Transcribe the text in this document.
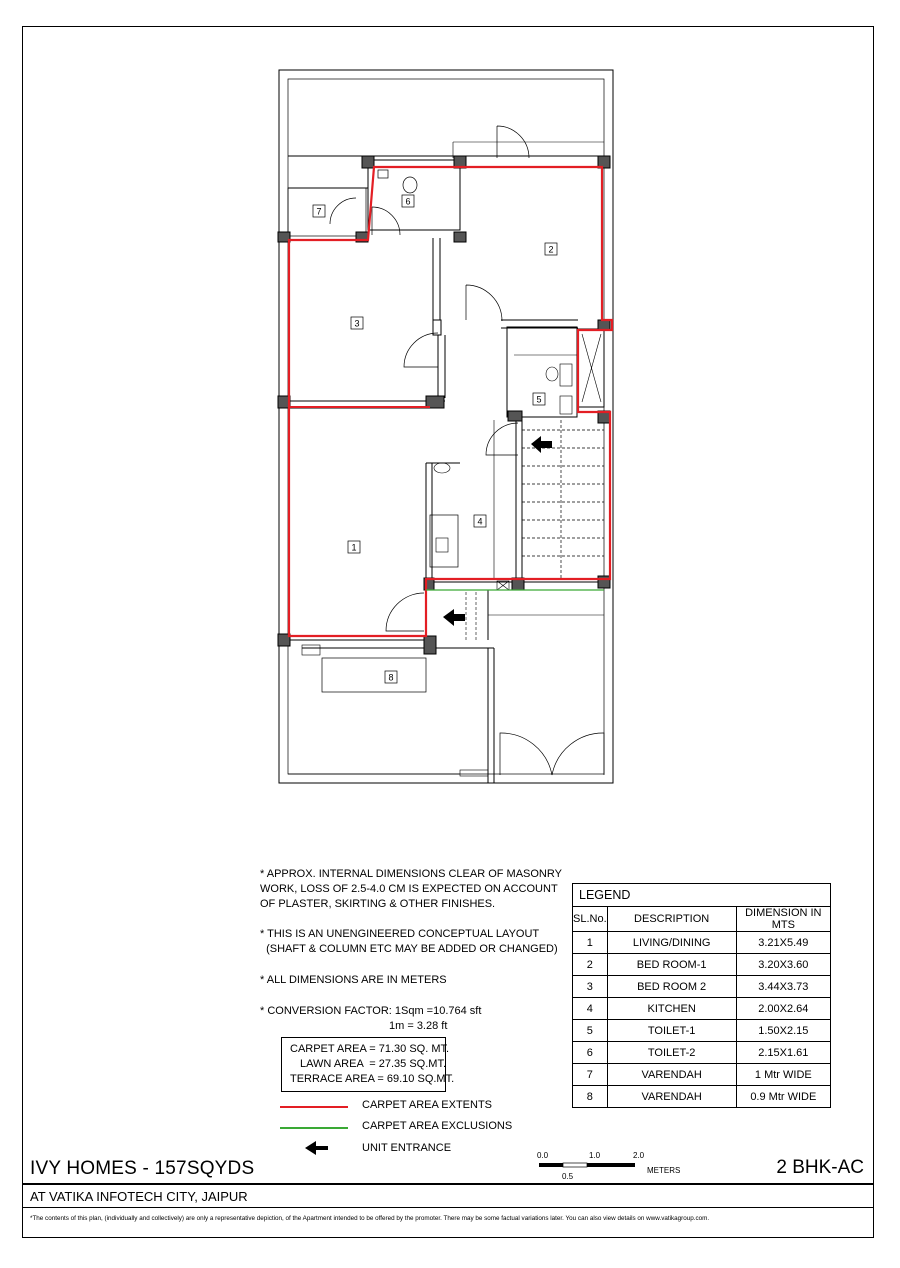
7
6
2
3
5
4
1
8
* APPROX. INTERNAL DIMENSIONS CLEAR OF MASONRY
WORK, LOSS OF 2.5-4.0 CM IS EXPECTED ON ACCOUNT
OF PLASTER, SKIRTING & OTHER FINISHES.
* THIS IS AN UNENGINEERED CONCEPTUAL LAYOUT
(SHAFT & COLUMN ETC MAY BE ADDED OR CHANGED)
* ALL DIMENSIONS ARE IN METERS
* CONVERSION FACTOR: 1Sqm =10.764 sft
1m = 3.28 ft
CARPET AREA = 71.30 SQ. MT.
LAWN AREA  = 27.35 SQ.MT.
TERRACE AREA = 69.10 SQ.MT.
CARPET AREA EXTENTS
CARPET AREA EXCLUSIONS
UNIT ENTRANCE
LEGEND		
SL.No.	DESCRIPTION	DIMENSION IN MTS
1	LIVING/DINING	3.21X5.49
2	BED ROOM-1	3.20X3.60
3	BED ROOM 2	3.44X3.73
4	KITCHEN	2.00X2.64
5	TOILET-1	1.50X2.15
6	TOILET-2	2.15X1.61
7	VARENDAH	1 Mtr WIDE
8	VARENDAH	0.9 Mtr WIDE
0.0	1.0	2.0
0.5
METERS
IVY HOMES - 157SQYDS	2 BHK-AC
AT VATIKA INFOTECH CITY, JAIPUR
*The contents of this plan, (individually and collectively) are only a representative depiction, of the Apartment intended to be offered by the promoter. There may be some factual variations later. You can also view details on www.vatikagroup.com.
